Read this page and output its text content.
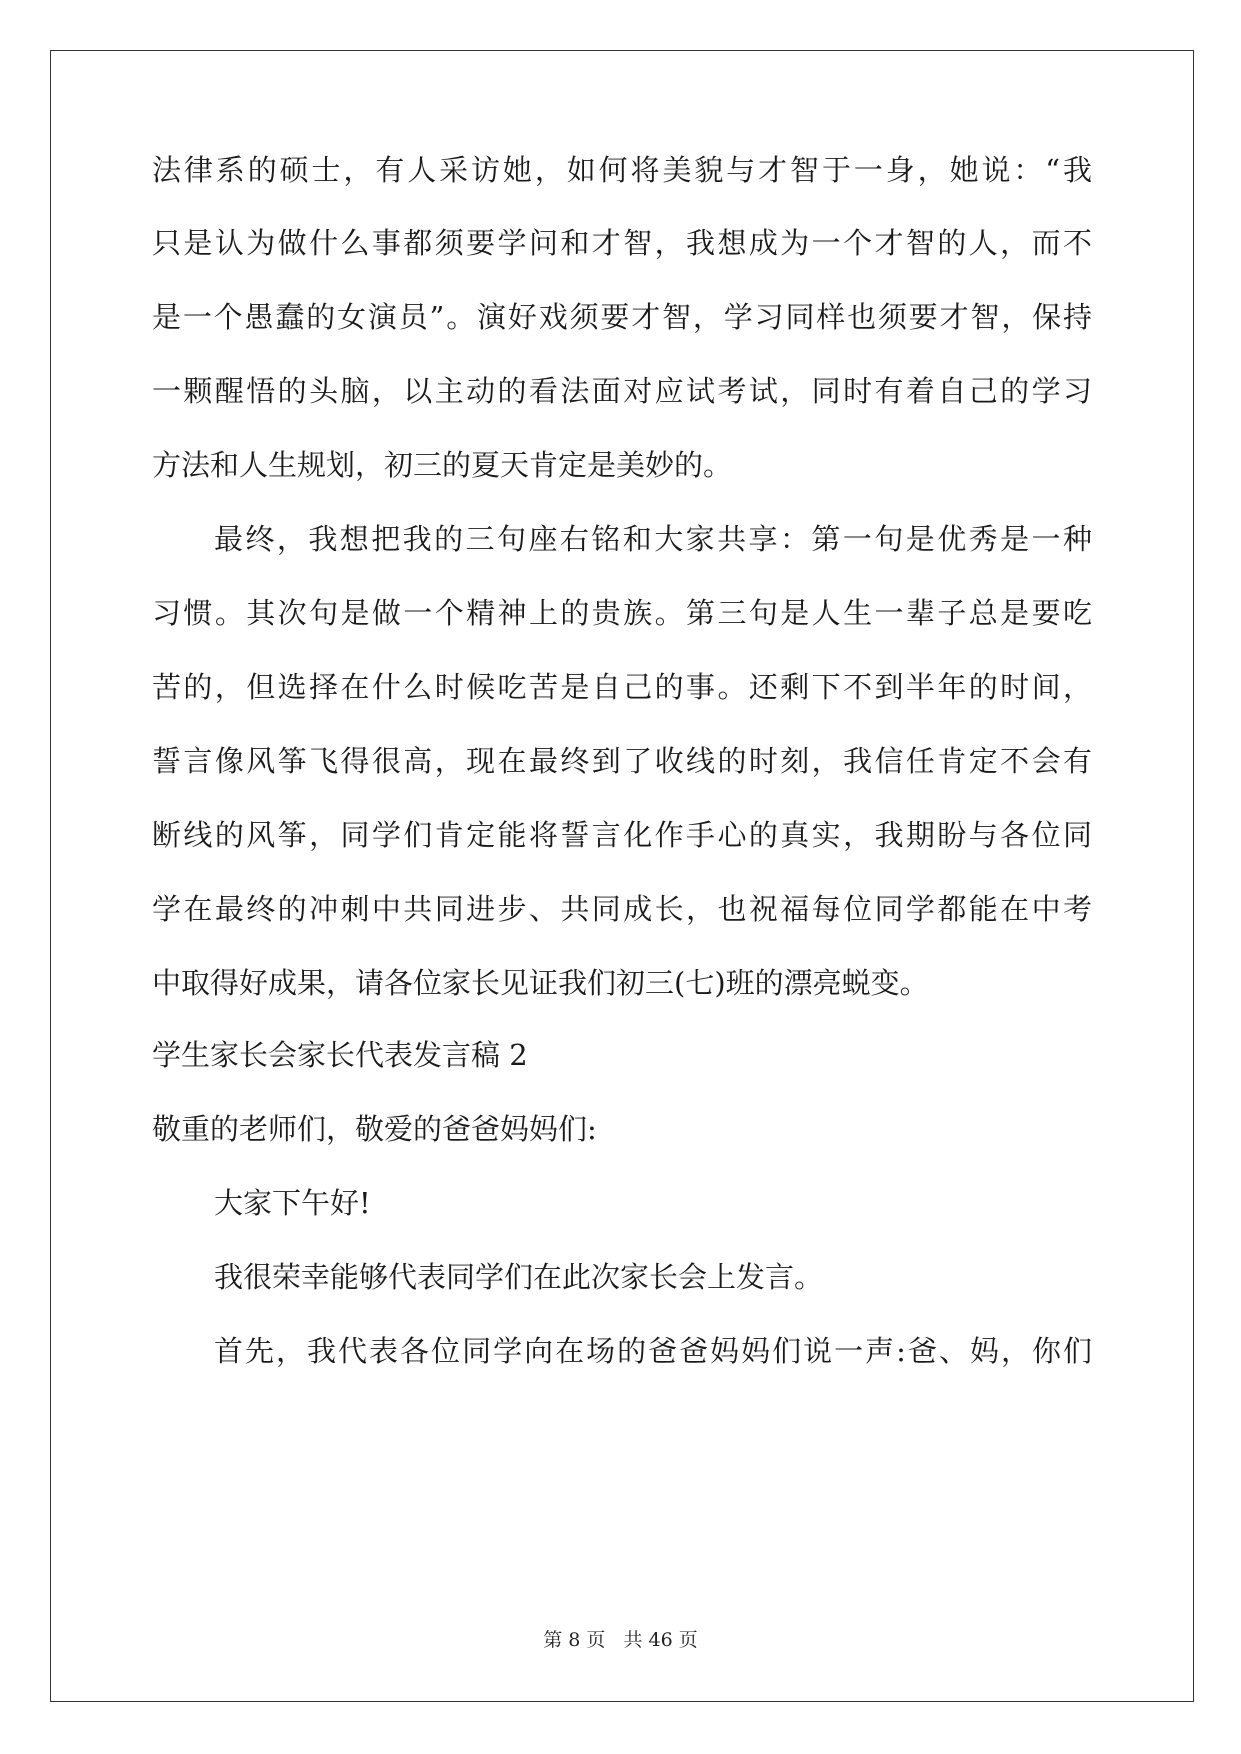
法律系的硕士，有人采访她，如何将美貌与才智于一身，她说：“我
只是认为做什么事都须要学问和才智，我想成为一个才智的人，而不
是一个愚蠢的女演员”。演好戏须要才智，学习同样也须要才智，保持
一颗醒悟的头脑，以主动的看法面对应试考试，同时有着自己的学习
方法和人生规划，初三的夏天肯定是美妙的。
最终，我想把我的三句座右铭和大家共享：第一句是优秀是一种
习惯。其次句是做一个精神上的贵族。第三句是人生一辈子总是要吃
苦的，但选择在什么时候吃苦是自己的事。还剩下不到半年的时间，
誓言像风筝飞得很高，现在最终到了收线的时刻，我信任肯定不会有
断线的风筝，同学们肯定能将誓言化作手心的真实，我期盼与各位同
学在最终的冲刺中共同进步、共同成长，也祝福每位同学都能在中考
中取得好成果，请各位家长见证我们初三(七)班的漂亮蜕变。
学生家长会家长代表发言稿 2
敬重的老师们，敬爱的爸爸妈妈们:
大家下午好!
我很荣幸能够代表同学们在此次家长会上发言。
首先，我代表各位同学向在场的爸爸妈妈们说一声:爸、妈，你们
第 8 页 共 46 页
